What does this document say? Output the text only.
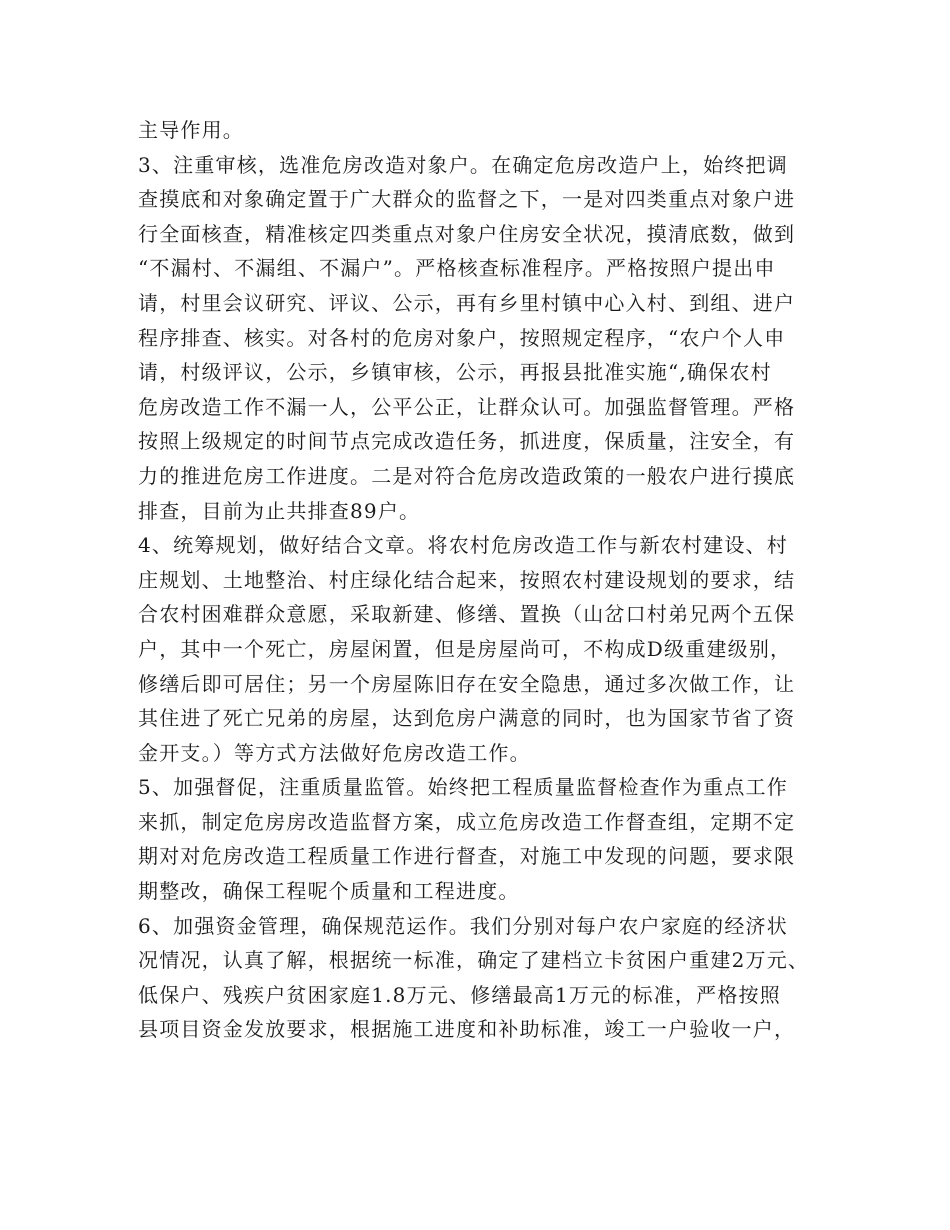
主导作用。
3、注重审核，选准危房改造对象户。在确定危房改造户上，始终把调
查摸底和对象确定置于广大群众的监督之下，一是对四类重点对象户进
行全面核查，精准核定四类重点对象户住房安全状况，摸清底数，做到
“不漏村、不漏组、不漏户”。严格核查标准程序。严格按照户提出申
请，村里会议研究、评议、公示，再有乡里村镇中心入村、到组、进户
程序排查、核实。对各村的危房对象户，按照规定程序，“农户个人申
请，村级评议，公示，乡镇审核，公示，再报县批准实施“,确保农村
危房改造工作不漏一人，公平公正，让群众认可。加强监督管理。严格
按照上级规定的时间节点完成改造任务，抓进度，保质量，注安全，有
力的推进危房工作进度。二是对符合危房改造政策的一般农户进行摸底
排查，目前为止共排查89户。
4、统筹规划，做好结合文章。将农村危房改造工作与新农村建设、村
庄规划、土地整治、村庄绿化结合起来，按照农村建设规划的要求，结
合农村困难群众意愿，采取新建、修缮、置换（山岔口村弟兄两个五保
户，其中一个死亡，房屋闲置，但是房屋尚可，不构成D级重建级别，
修缮后即可居住；另一个房屋陈旧存在安全隐患，通过多次做工作，让
其住进了死亡兄弟的房屋，达到危房户满意的同时，也为国家节省了资
金开支。）等方式方法做好危房改造工作。
5、加强督促，注重质量监管。始终把工程质量监督检查作为重点工作
来抓，制定危房房改造监督方案，成立危房改造工作督查组，定期不定
期对对危房改造工程质量工作进行督查，对施工中发现的问题，要求限
期整改，确保工程呢个质量和工程进度。
6、加强资金管理，确保规范运作。我们分别对每户农户家庭的经济状
况情况，认真了解，根据统一标准，确定了建档立卡贫困户重建2万元、
低保户、残疾户贫困家庭1.8万元、修缮最高1万元的标准，严格按照
县项目资金发放要求，根据施工进度和补助标准，竣工一户验收一户，
